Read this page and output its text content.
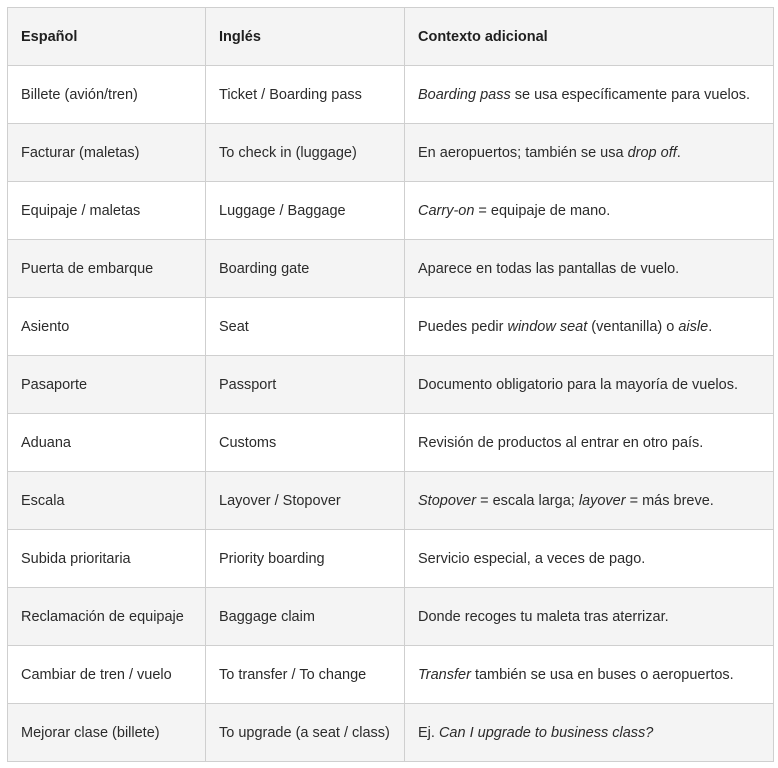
Español	Inglés	Contexto adicional
Billete (avión/tren)	Ticket / Boarding pass	Boarding pass se usa específicamente para vuelos.
Facturar (maletas)	To check in (luggage)	En aeropuertos; también se usa drop off.
Equipaje / maletas	Luggage / Baggage	Carry-on = equipaje de mano.
Puerta de embarque	Boarding gate	Aparece en todas las pantallas de vuelo.
Asiento	Seat	Puedes pedir window seat (ventanilla) o aisle.
Pasaporte	Passport	Documento obligatorio para la mayoría de vuelos.
Aduana	Customs	Revisión de productos al entrar en otro país.
Escala	Layover / Stopover	Stopover = escala larga; layover = más breve.
Subida prioritaria	Priority boarding	Servicio especial, a veces de pago.
Reclamación de equipaje	Baggage claim	Donde recoges tu maleta tras aterrizar.
Cambiar de tren / vuelo	To transfer / To change	Transfer también se usa en buses o aeropuertos.
Mejorar clase (billete)	To upgrade (a seat / class)	Ej. Can I upgrade to business class?
